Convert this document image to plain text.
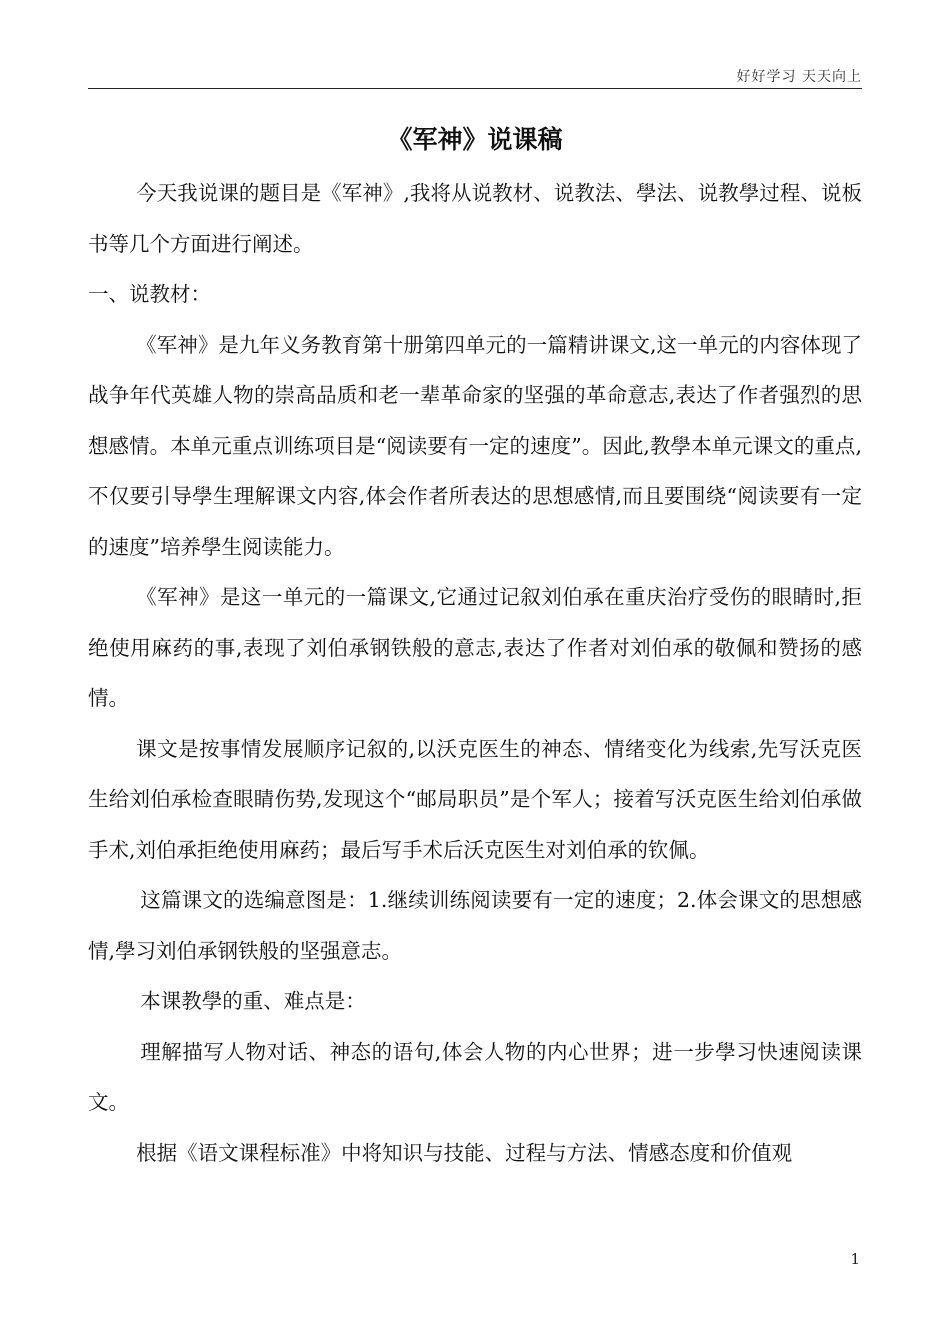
好好学习 天天向上
《军神》说课稿

今天我说课的题目是《军神》,我将从说教材、说教法、學法、说教學过程、说板书等几个方面进行阐述。

一、说教材：

《军神》是九年义务教育第十册第四单元的一篇精讲课文,这一单元的内容体现了战争年代英雄人物的崇高品质和老一辈革命家的坚强的革命意志,表达了作者强烈的思想感情。本单元重点训练项目是“阅读要有一定的速度”。因此,教學本单元课文的重点,不仅要引导學生理解课文内容,体会作者所表达的思想感情,而且要围绕“阅读要有一定的速度”培养學生阅读能力。

《军神》是这一单元的一篇课文,它通过记叙刘伯承在重庆治疗受伤的眼睛时,拒绝使用麻药的事,表现了刘伯承钢铁般的意志,表达了作者对刘伯承的敬佩和赞扬的感情。

课文是按事情发展顺序记叙的,以沃克医生的神态、情绪变化为线索,先写沃克医生给刘伯承检查眼睛伤势,发现这个“邮局职员”是个军人；接着写沃克医生给刘伯承做手术,刘伯承拒绝使用麻药；最后写手术后沃克医生对刘伯承的钦佩。

这篇课文的选编意图是：1.继续训练阅读要有一定的速度；2.体会课文的思想感情,學习刘伯承钢铁般的坚强意志。

本课教學的重、难点是：

理解描写人物对话、神态的语句,体会人物的内心世界；进一步學习快速阅读课文。

根据《语文课程标准》中将知识与技能、过程与方法、情感态度和价值观

1
